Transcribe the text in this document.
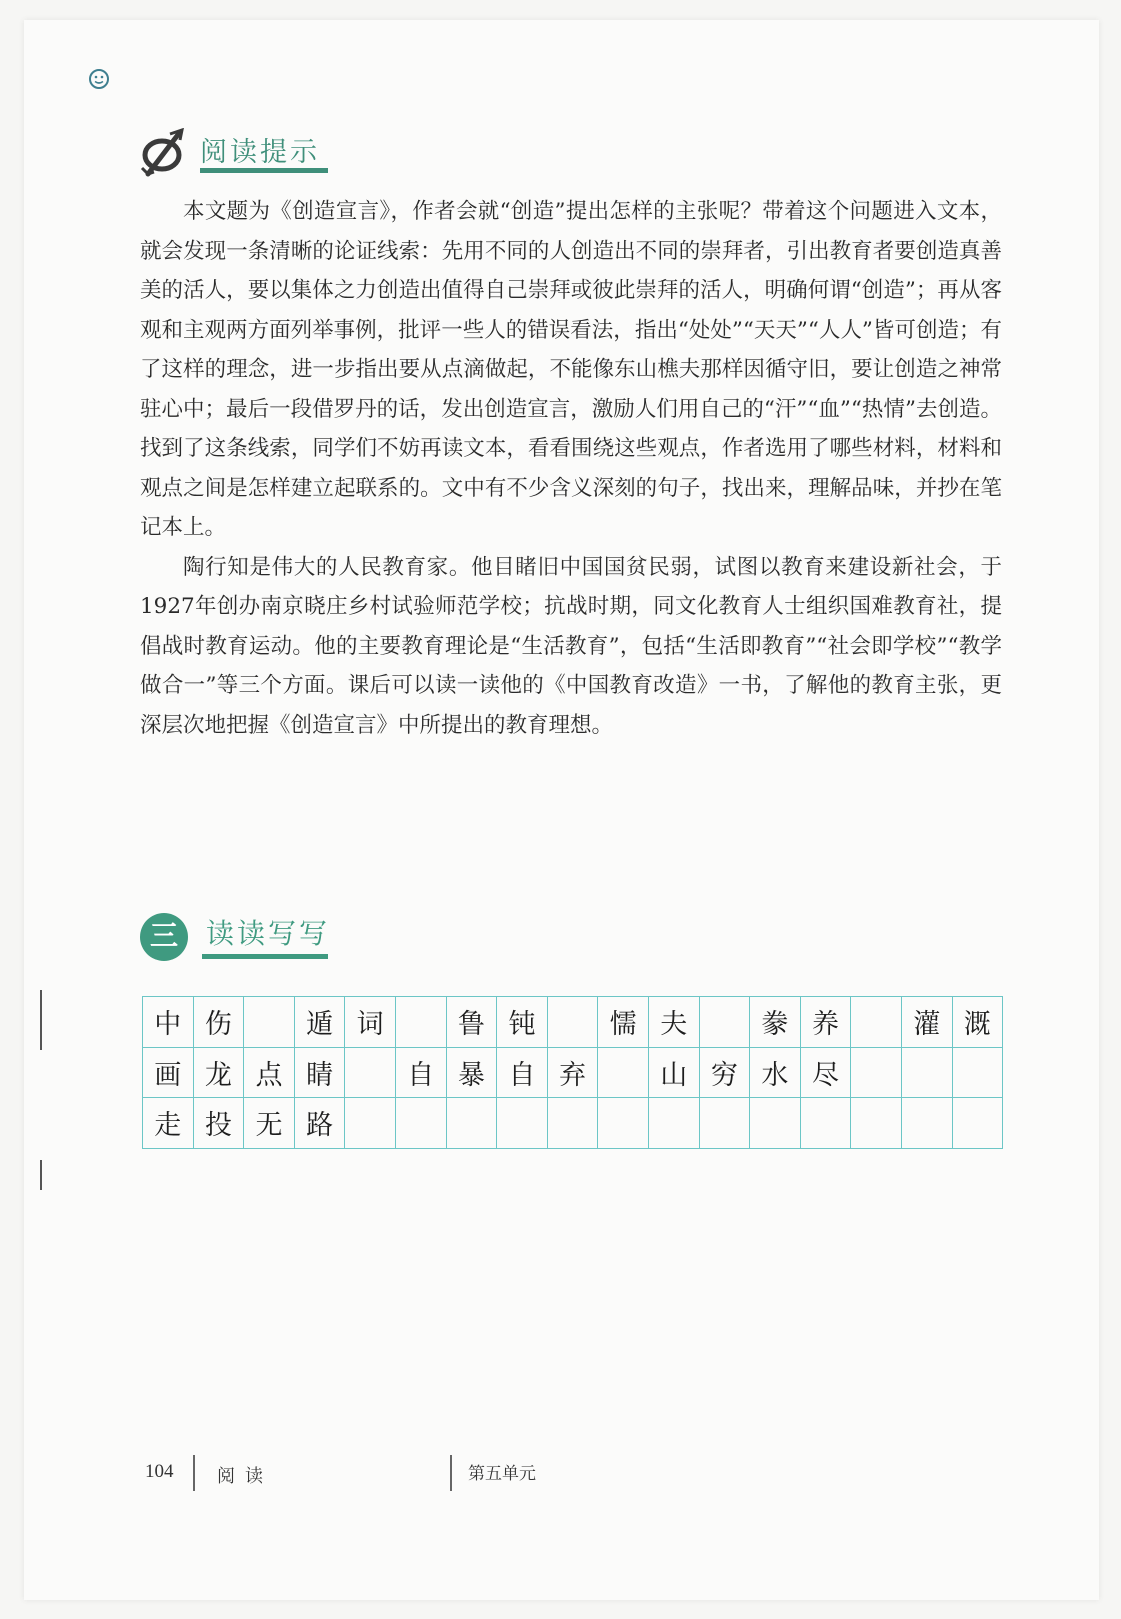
阅读提示

本文题为《创造宣言》，作者会就“创造”提出怎样的主张呢？带着这个问题进入文本，就会发现一条清晰的论证线索：先用不同的人创造出不同的崇拜者，引出教育者要创造真善美的活人，要以集体之力创造出值得自己崇拜或彼此崇拜的活人，明确何谓“创造”；再从客观和主观两方面列举事例，批评一些人的错误看法，指出“处处”“天天”“人人”皆可创造；有了这样的理念，进一步指出要从点滴做起，不能像东山樵夫那样因循守旧，要让创造之神常驻心中；最后一段借罗丹的话，发出创造宣言，激励人们用自己的“汗”“血”“热情”去创造。找到了这条线索，同学们不妨再读文本，看看围绕这些观点，作者选用了哪些材料，材料和观点之间是怎样建立起联系的。文中有不少含义深刻的句子，找出来，理解品味，并抄在笔记本上。

陶行知是伟大的人民教育家。他目睹旧中国国贫民弱，试图以教育来建设新社会，于1927年创办南京晓庄乡村试验师范学校；抗战时期，同文化教育人士组织国难教育社，提倡战时教育运动。他的主要教育理论是“生活教育”，包括“生活即教育”“社会即学校”“教学做合一”等三个方面。课后可以读一读他的《中国教育改造》一书，了解他的教育主张，更深层次地把握《创造宣言》中所提出的教育理想。

三	读读写写
中	伤		遁	词		鲁	钝		懦	夫		豢	养		灌	溉
画	龙	点	睛		自	暴	自	弃		山	穷	水	尽			
走	投	无	路													
104 阅读	第五单元
